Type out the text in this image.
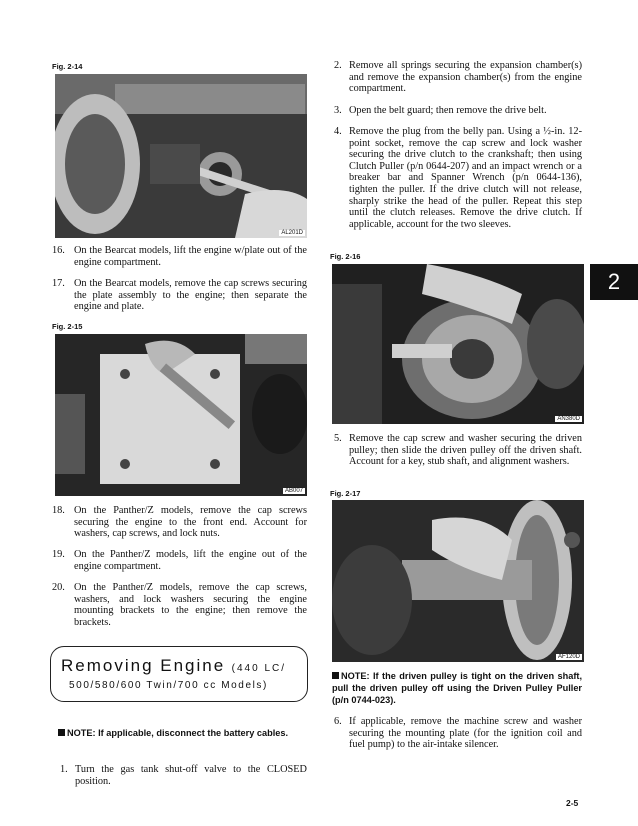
Fig. 2-14
AL201D
16. On the Bearcat models, lift the engine w/plate out of the engine compartment.
17. On the Bearcat models, remove the cap screws securing the plate assembly to the engine; then separate the engine and plate.
Fig. 2-15
AB007
18. On the Panther/Z models, remove the cap screws securing the engine to the front end. Account for washers, cap screws, and lock nuts.
19. On the Panther/Z models, lift the engine out of the engine compartment.
20. On the Panther/Z models, remove the cap screws, washers, and lock washers securing the engine mounting brackets to the engine; then remove the brackets.
Removing Engine (440 LC/
500/580/600 Twin/700 cc Models)
NOTE: If applicable, disconnect the battery cables.
1. Turn the gas tank shut-off valve to the CLOSED position.
2. Remove all springs securing the expansion chamber(s) and remove the expansion chamber(s) from the engine compartment.
3. Open the belt guard; then remove the drive belt.
4. Remove the plug from the belly pan. Using a ½-in. 12-point socket, remove the cap screw and lock washer securing the drive clutch to the crankshaft; then using Clutch Puller (p/n 0644-207) and an impact wrench or a breaker bar and Spanner Wrench (p/n 0644-136), tighten the puller. If the drive clutch will not release, sharply strike the head of the puller. Repeat this step until the clutch releases. Remove the drive clutch. If applicable, account for the two sleeves.
Fig. 2-16
AN380D
5. Remove the cap screw and washer securing the driven pulley; then slide the driven pulley off the driven shaft. Account for a key, stub shaft, and alignment washers.
Fig. 2-17
AF120D
NOTE: If the driven pulley is tight on the driven shaft, pull the driven pulley off using the Driven Pulley Puller (p/n 0744-023).
6. If applicable, remove the machine screw and washer securing the mounting plate (for the ignition coil and fuel pump) to the air-intake silencer.
2
2-5
